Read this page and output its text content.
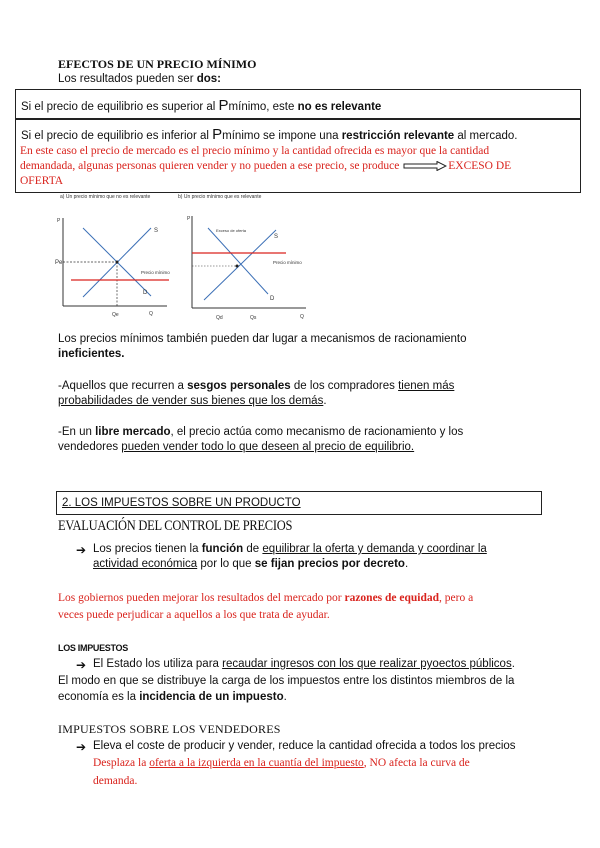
EFECTOS DE UN PRECIO MÍNIMO
Los resultados pueden ser dos:
Si el precio de equilibrio es superior al Pmínimo, este no es relevante
Si el precio de equilibrio es inferior al Pmínimo se impone una restricción relevante al mercado.
En este caso el precio de mercado es el precio mínimo y la cantidad ofrecida es mayor que la cantidad
demandada, algunas personas quieren vender y no pueden a ese precio, se produce	EXCESO DE
OFERTA
a) Un precio mínimo que no es relevante	b) Un precio mínimo que es relevante
P
S
D
Pe
Precio mínimo
Qe	Q
P
Exceso de oferta
S
Precio mínimo
D
Qd	Qs	Q
Los precios mínimos también pueden dar lugar a mecanismos de racionamiento
ineficientes.
-Aquellos que recurren a sesgos personales de los compradores tienen más
probabilidades de vender sus bienes que los demás.
-En un libre mercado, el precio actúa como mecanismo de racionamiento y los
vendedores pueden vender todo lo que deseen al precio de equilibrio.
2. LOS IMPUESTOS SOBRE UN PRODUCTO
EVALUACIÓN DEL CONTROL DE PRECIOS
➔ Los precios tienen la función de equilibrar la oferta y demanda y coordinar la
actividad económica por lo que se fijan precios por decreto.
Los gobiernos pueden mejorar los resultados del mercado por razones de equidad, pero a
veces puede perjudicar a aquellos a los que trata de ayudar.
LOS IMPUESTOS
➔ El Estado los utiliza para recaudar ingresos con los que realizar pyoectos públicos.
El modo en que se distribuye la carga de los impuestos entre los distintos miembros de la
economía es la incidencia de un impuesto.
IMPUESTOS SOBRE LOS VENDEDORES
➔ Eleva el coste de producir y vender, reduce la cantidad ofrecida a todos los precios
Desplaza la oferta a la izquierda en la cuantía del impuesto, NO afecta la curva de
demanda.
